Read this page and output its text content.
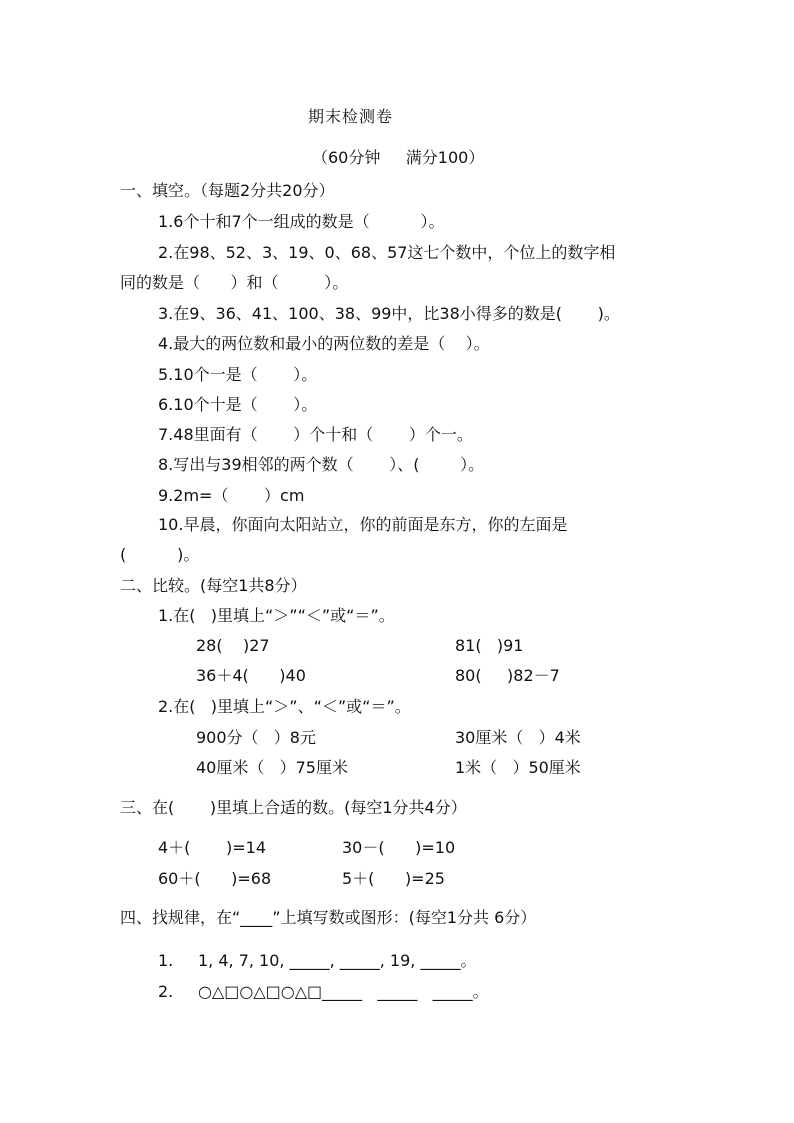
期末检测卷
（60分钟     满分100）
一、填空。（每题2分共20分）
1.6个十和7个一组成的数是（          ）。
2.在98、52、3、19、0、68、57这七个数中，个位上的数字相
同的数是（      ）和（         ）。
3.在9、36、41、100、38、99中，比38小得多的数是(       )。
4.最大的两位数和最小的两位数的差是（    ）。
5.10个一是（       ）。
6.10个十是（       ）。
7.48里面有（       ）个十和（       ）个一。
8.写出与39相邻的两个数（       ）、(        ）。
9.2m=（       ）cm
10.早晨，你面向太阳站立，你的前面是东方，你的左面是
(          )。
二、比较。(每空1共8分）
1.在(   )里填上“＞”“＜”或“＝”。
28(    )27	81(   )91
36＋4(      )40	80(     )82－7
2.在(   )里填上“＞”、“＜”或“＝”。
900分（   ）8元	30厘米（   ）4米
40厘米（   ）75厘米	1米（   ）50厘米
三、在(       )里填上合适的数。(每空1分共4分）
4＋(       )=14	30－(      )=10
60＋(      )=68	5＋(      )=25
四、找规律，在“____”上填写数或图形：(每空1分共 6分）
1. 1, 4, 7, 10, _____, _____, 19, _____。
2. ○△□○△□○△□_____   _____   _____。
